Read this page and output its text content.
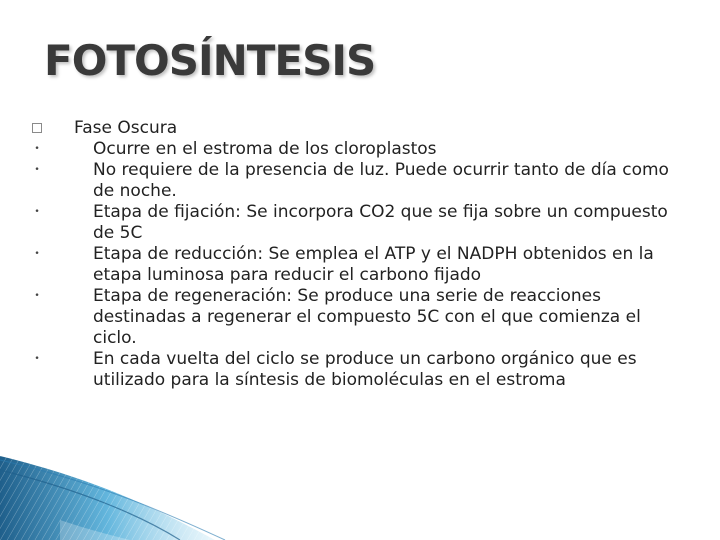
FOTOSÍNTESIS
Fase Oscura
•	Ocurre en el estroma de los cloroplastos
•	No requiere de la presencia de luz. Puede ocurrir tanto de día como de noche.
•	Etapa de fijación: Se incorpora CO2 que se fija sobre un compuesto de 5C
•	Etapa de reducción: Se emplea el ATP y el NADPH obtenidos en la etapa luminosa para reducir el carbono fijado
•	Etapa de regeneración: Se produce una serie de reacciones destinadas a regenerar el compuesto 5C con el que comienza el ciclo.
•	En cada vuelta del ciclo se produce un carbono orgánico que es utilizado para la síntesis de biomoléculas en el estroma
